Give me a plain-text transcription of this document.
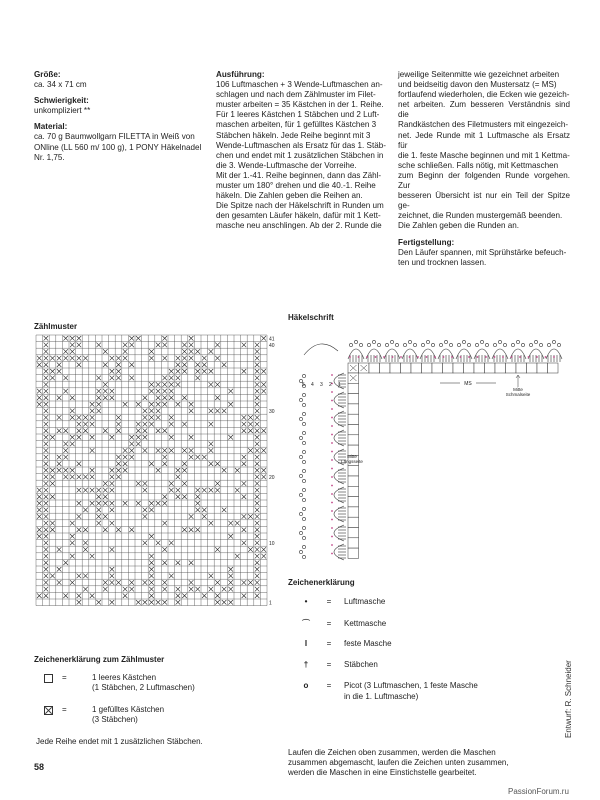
Größe:

ca. 34 x 71 cm

Schwierigkeit:

unkompliziert **

Material:

ca. 70 g Baumwollgarn FILETTA in Weiß von

ONline (LL 560 m/ 100 g), 1 PONY Häkelnadel

Nr. 1,75.

Ausführung:

106 Luftmaschen + 3 Wende-Luftmaschen an-

schlagen und nach dem Zählmuster im Filet-

muster arbeiten = 35 Kästchen in der 1. Reihe.

Für 1 leeres Kästchen 1 Stäbchen und 2 Luft-

maschen arbeiten, für 1 gefülltes Kästchen 3

Stäbchen häkeln. Jede Reihe beginnt mit 3

Wende-Luftmaschen als Ersatz für das 1. Stäb-

chen und endet mit 1 zusätzlichen Stäbchen in

die 3. Wende-Luftmasche der Vorreihe.

Mit der 1.-41. Reihe beginnen, dann das Zähl-

muster um 180° drehen und die 40.-1. Reihe

häkeln. Die Zahlen geben die Reihen an.

Die Spitze nach der Häkelschrift in Runden um

den gesamten Läufer häkeln, dafür mit 1 Kett-

masche neu anschlingen. Ab der 2. Runde die

jeweilige Seitenmitte wie gezeichnet arbeiten

und beidseitig davon den Mustersatz (= MS)

fortlaufend wiederholen, die Ecken wie gezeich-

net arbeiten. Zum besseren Verständnis sind die

Randkästchen des Filetmusters mit eingezeich-

net. Jede Runde mit 1 Luftmasche als Ersatz für

die 1. feste Masche beginnen und mit 1 Kettma-

sche schließen. Falls nötig, mit Kettmaschen

zum Beginn der folgenden Runde vorgehen. Zur

besseren Übersicht ist nur ein Teil der Spitze ge-

zeichnet, die Runden mustergemäß beenden.

Die Zahlen geben die Runden an.

Fertigstellung:

Den Läufer spannen, mit Sprühstärke befeuch-

ten und trocknen lassen.

Zählmuster
41
40
30
20
10
1
Häkelschrift
MS
Mitte
Schmalseite
Mitte
Längsseite
1
2
3
4
5
Zeichenerklärung zum Zählmuster
=	1 leeres Kästchen
(1 Stäbchen, 2 Luftmaschen)
=	1 gefülltes Kästchen
(3 Stäbchen)
Jede Reihe endet mit 1 zusätzlichen Stäbchen.
Zeichenerklärung
•	=	Luftmasche
⌒	=	Kettmasche
I	=	feste Masche
†	=	Stäbchen
o	=	Picot (3 Luftmaschen, 1 feste Masche
in die 1. Luftmasche)
Laufen die Zeichen oben zusammen, werden die Maschen
zusammen abgemascht, laufen die Zeichen unten zusammen,
werden die Maschen in eine Einstichstelle gearbeitet.
Entwurf: R. Schneider
58
PassionForum.ru
